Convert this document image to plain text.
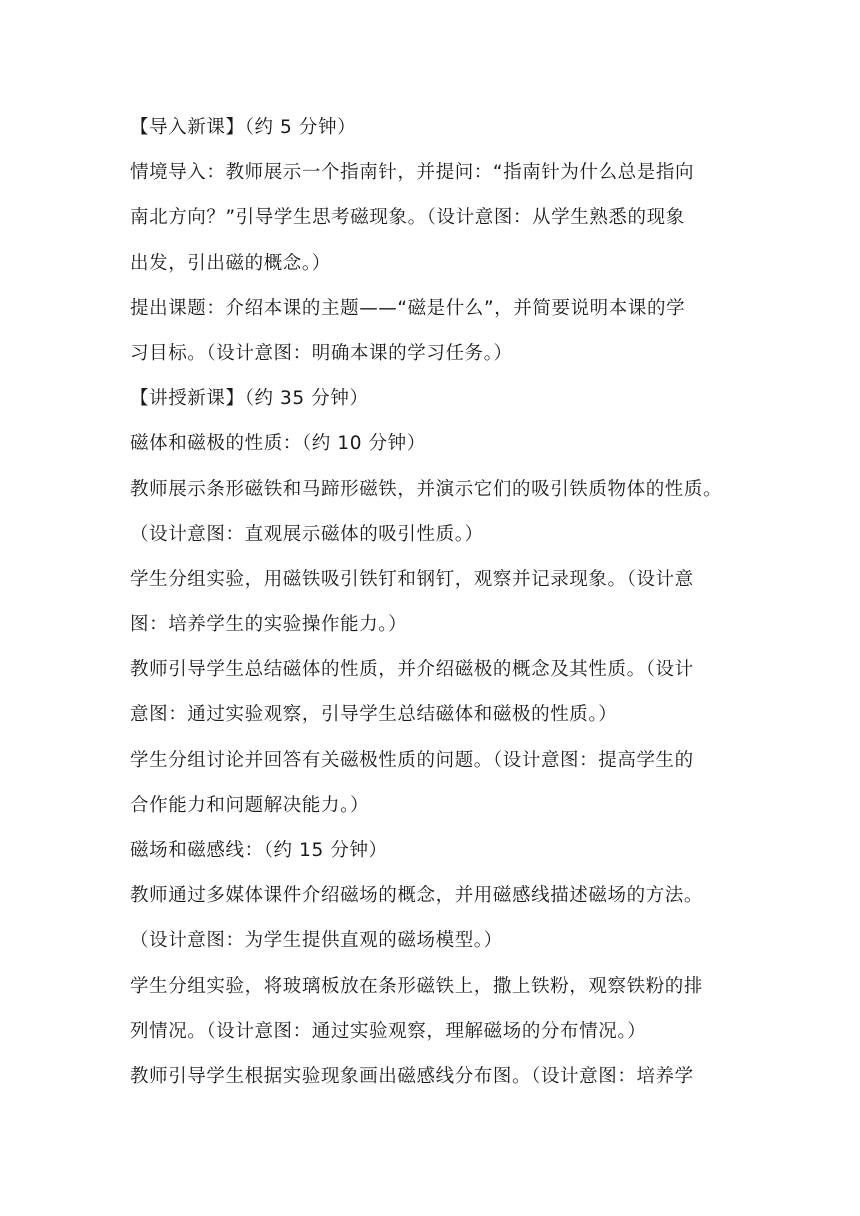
【导入新课】（约 5 分钟）
情境导入：教师展示一个指南针，并提问：“指南针为什么总是指向
南北方向？”引导学生思考磁现象。（设计意图：从学生熟悉的现象
出发，引出磁的概念。）
提出课题：介绍本课的主题——“磁是什么”，并简要说明本课的学
习目标。（设计意图：明确本课的学习任务。）
【讲授新课】（约 35 分钟）
磁体和磁极的性质：（约 10 分钟）
教师展示条形磁铁和马蹄形磁铁，并演示它们的吸引铁质物体的性质。
（设计意图：直观展示磁体的吸引性质。）
学生分组实验，用磁铁吸引铁钉和钢钉，观察并记录现象。（设计意
图：培养学生的实验操作能力。）
教师引导学生总结磁体的性质，并介绍磁极的概念及其性质。（设计
意图：通过实验观察，引导学生总结磁体和磁极的性质。）
学生分组讨论并回答有关磁极性质的问题。（设计意图：提高学生的
合作能力和问题解决能力。）
磁场和磁感线：（约 15 分钟）
教师通过多媒体课件介绍磁场的概念，并用磁感线描述磁场的方法。
（设计意图：为学生提供直观的磁场模型。）
学生分组实验，将玻璃板放在条形磁铁上，撒上铁粉，观察铁粉的排
列情况。（设计意图：通过实验观察，理解磁场的分布情况。）
教师引导学生根据实验现象画出磁感线分布图。（设计意图：培养学
